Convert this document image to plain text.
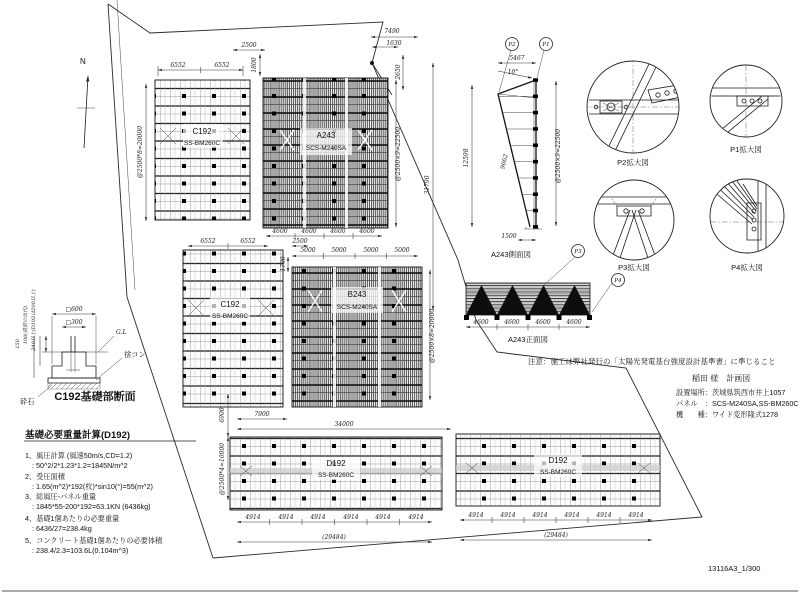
N
C192
SS-BM260C
6552	6552
@2500*8=20000	A243
SCS-M240SA	@2500×9=22500
4600 4600 4600 4600
2500
1800
7490
1630
2650
31790
C192
SS-BM260C
6552	6552
1700
B243
SCS-M240SA
2500
5000	5000	5000	5000
@2500×8=20000
P2	P1
5467
10°
12598	9062	@2500×9=22500
1500
A243側面図	P3
P4
4600	4600	4600	4600
A243正面図
P2拡大図
P1拡大図
P3拡大図	P4拡大図
□600
□300
G.L
捨コン
砕石
150 100(鉄筋の出代) 240以上(D192は200以上)
C192基礎部断面
基礎必要重量計算(D192)
1、風圧計算 (風速50m/s,CD=1.2)
: 50^2/2*1.23*1.2=1845N/m^2
2、受圧面積
: 1.65(m^2)*192(枚)*sin10(°)=55(m^2)
3、総風圧-パネル重量
: 1845*55-200*192=63.1KN (6436kg)
4、基礎1個あたりの必要重量
: 6436/27=238.4kg
5、コンクリート基礎1個あたりの必要体積
: 238.4/2.3=103.6L(0.104m^3)
D192
SS-BM260C
7900
34000
6900
@2500*4=10000
4914	4914	4914	4914	4914	4914
(29484)
D192
SS-BM260C
4914	4914	4914	4914	4914	4914
(29484)
注意：施工は弊社発行の「太陽光発電基台強度設計基準書」に準じること
稲田 様　計画図
設置場所：茨城県筑西市井上1057
パネル　：SCS-M240SA,SS-BM260C
機　　種：ワイド変形隆式1278
13116A3_1/300
